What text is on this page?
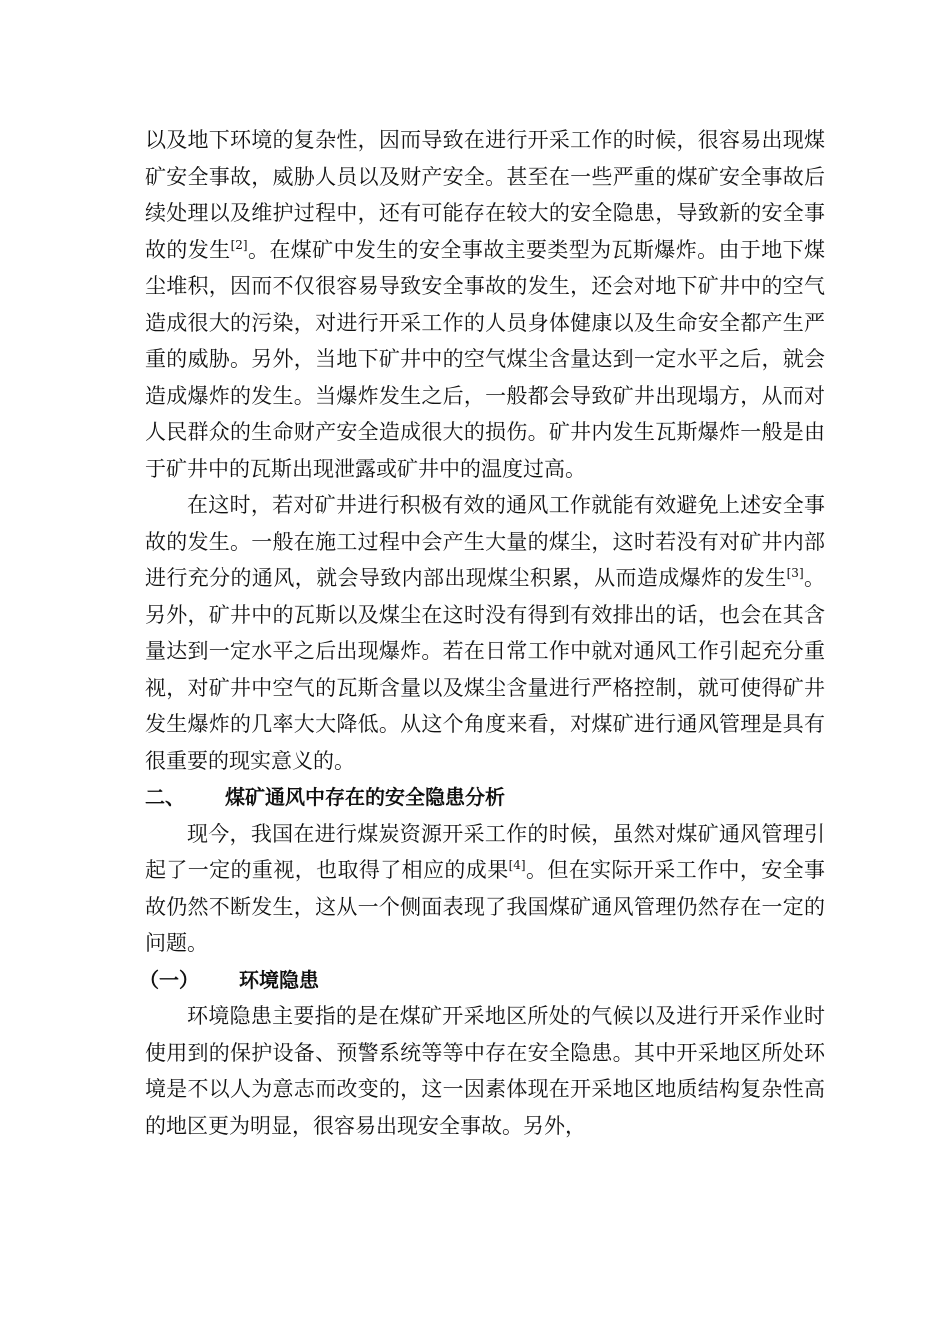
以及地下环境的复杂性，因而导致在进行开采工作的时候，很容易出现煤矿安全事故，威胁人员以及财产安全。甚至在一些严重的煤矿安全事故后续处理以及维护过程中，还有可能存在较大的安全隐患，导致新的安全事故的发生[2]。在煤矿中发生的安全事故主要类型为瓦斯爆炸。由于地下煤尘堆积，因而不仅很容易导致安全事故的发生，还会对地下矿井中的空气造成很大的污染，对进行开采工作的人员身体健康以及生命安全都产生严重的威胁。另外，当地下矿井中的空气煤尘含量达到一定水平之后，就会造成爆炸的发生。当爆炸发生之后，一般都会导致矿井出现塌方，从而对人民群众的生命财产安全造成很大的损伤。矿井内发生瓦斯爆炸一般是由于矿井中的瓦斯出现泄露或矿井中的温度过高。

在这时，若对矿井进行积极有效的通风工作就能有效避免上述安全事故的发生。一般在施工过程中会产生大量的煤尘，这时若没有对矿井内部进行充分的通风，就会导致内部出现煤尘积累，从而造成爆炸的发生[3]。另外，矿井中的瓦斯以及煤尘在这时没有得到有效排出的话，也会在其含量达到一定水平之后出现爆炸。若在日常工作中就对通风工作引起充分重视，对矿井中空气的瓦斯含量以及煤尘含量进行严格控制，就可使得矿井发生爆炸的几率大大降低。从这个角度来看，对煤矿进行通风管理是具有很重要的现实意义的。

二、 煤矿通风中存在的安全隐患分析

现今，我国在进行煤炭资源开采工作的时候，虽然对煤矿通风管理引起了一定的重视，也取得了相应的成果[4]。但在实际开采工作中，安全事故仍然不断发生，这从一个侧面表现了我国煤矿通风管理仍然存在一定的问题。

（一） 环境隐患

环境隐患主要指的是在煤矿开采地区所处的气候以及进行开采作业时使用到的保护设备、预警系统等等中存在安全隐患。其中开采地区所处环境是不以人为意志而改变的，这一因素体现在开采地区地质结构复杂性高的地区更为明显，很容易出现安全事故。另外，
